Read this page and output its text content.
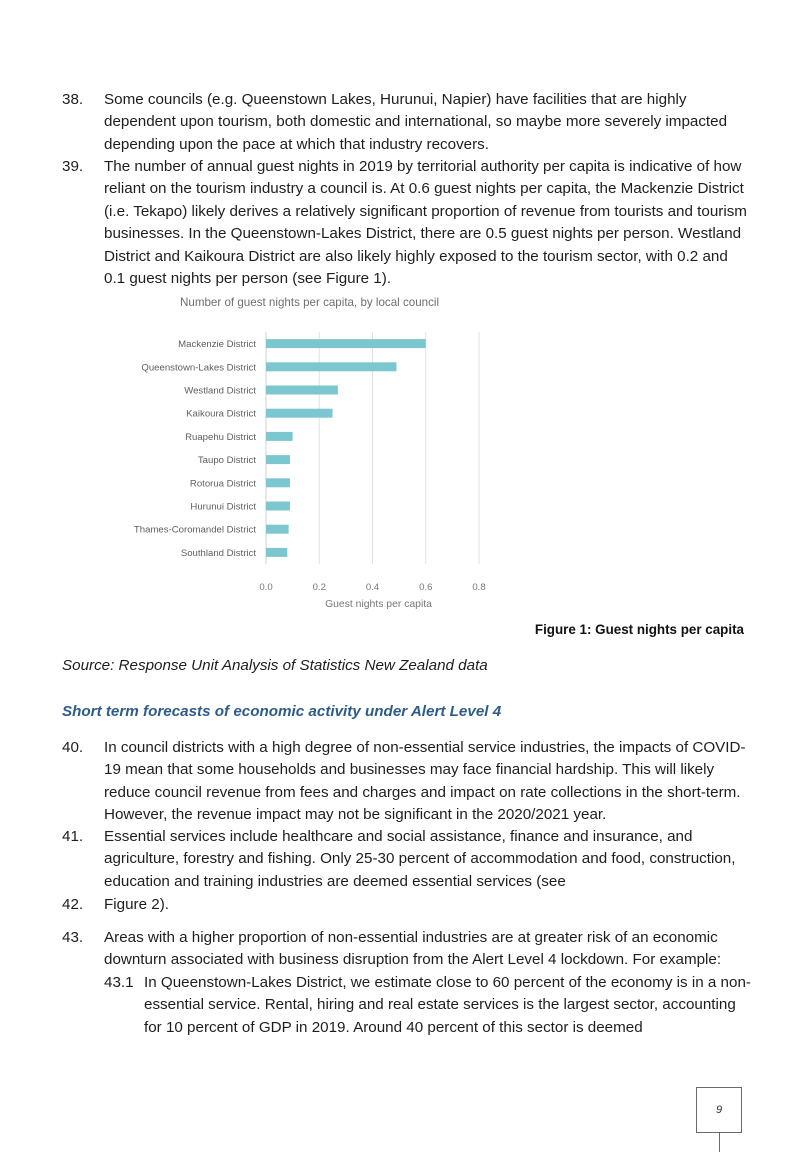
38. Some councils (e.g. Queenstown Lakes, Hurunui, Napier) have facilities that are highly dependent upon tourism, both domestic and international, so maybe more severely impacted depending upon the pace at which that industry recovers.
39. The number of annual guest nights in 2019 by territorial authority per capita is indicative of how reliant on the tourism industry a council is. At 0.6 guest nights per capita, the Mackenzie District (i.e. Tekapo) likely derives a relatively significant proportion of revenue from tourists and tourism businesses. In the Queenstown-Lakes District, there are 0.5 guest nights per person. Westland District and Kaikoura District are also likely highly exposed to the tourism sector, with 0.2 and 0.1 guest nights per person (see Figure 1).
Number of guest nights per capita, by local council
Mackenzie District
Queenstown-Lakes District
Westland District
Kaikoura District
Ruapehu District
Taupo District
Rotorua District
Hurunui District
Thames-Coromandel District
Southland District
0.0	0.2	0.4	0.6	0.8
Guest nights per capita
Figure 1: Guest nights per capita
Source: Response Unit Analysis of Statistics New Zealand data
Short term forecasts of economic activity under Alert Level 4
40. In council districts with a high degree of non-essential service industries, the impacts of COVID-19 mean that some households and businesses may face financial hardship. This will likely reduce council revenue from fees and charges and impact on rate collections in the short-term. However, the revenue impact may not be significant in the 2020/2021 year.
41. Essential services include healthcare and social assistance, finance and insurance, and agriculture, forestry and fishing. Only 25-30 percent of accommodation and food, construction, education and training industries are deemed essential services (see
42. Figure 2).
43. Areas with a higher proportion of non-essential industries are at greater risk of an economic downturn associated with business disruption from the Alert Level 4 lockdown. For example:
43.1 In Queenstown-Lakes District, we estimate close to 60 percent of the economy is in a non-essential service. Rental, hiring and real estate services is the largest sector, accounting for 10 percent of GDP in 2019. Around 40 percent of this sector is deemed
9
